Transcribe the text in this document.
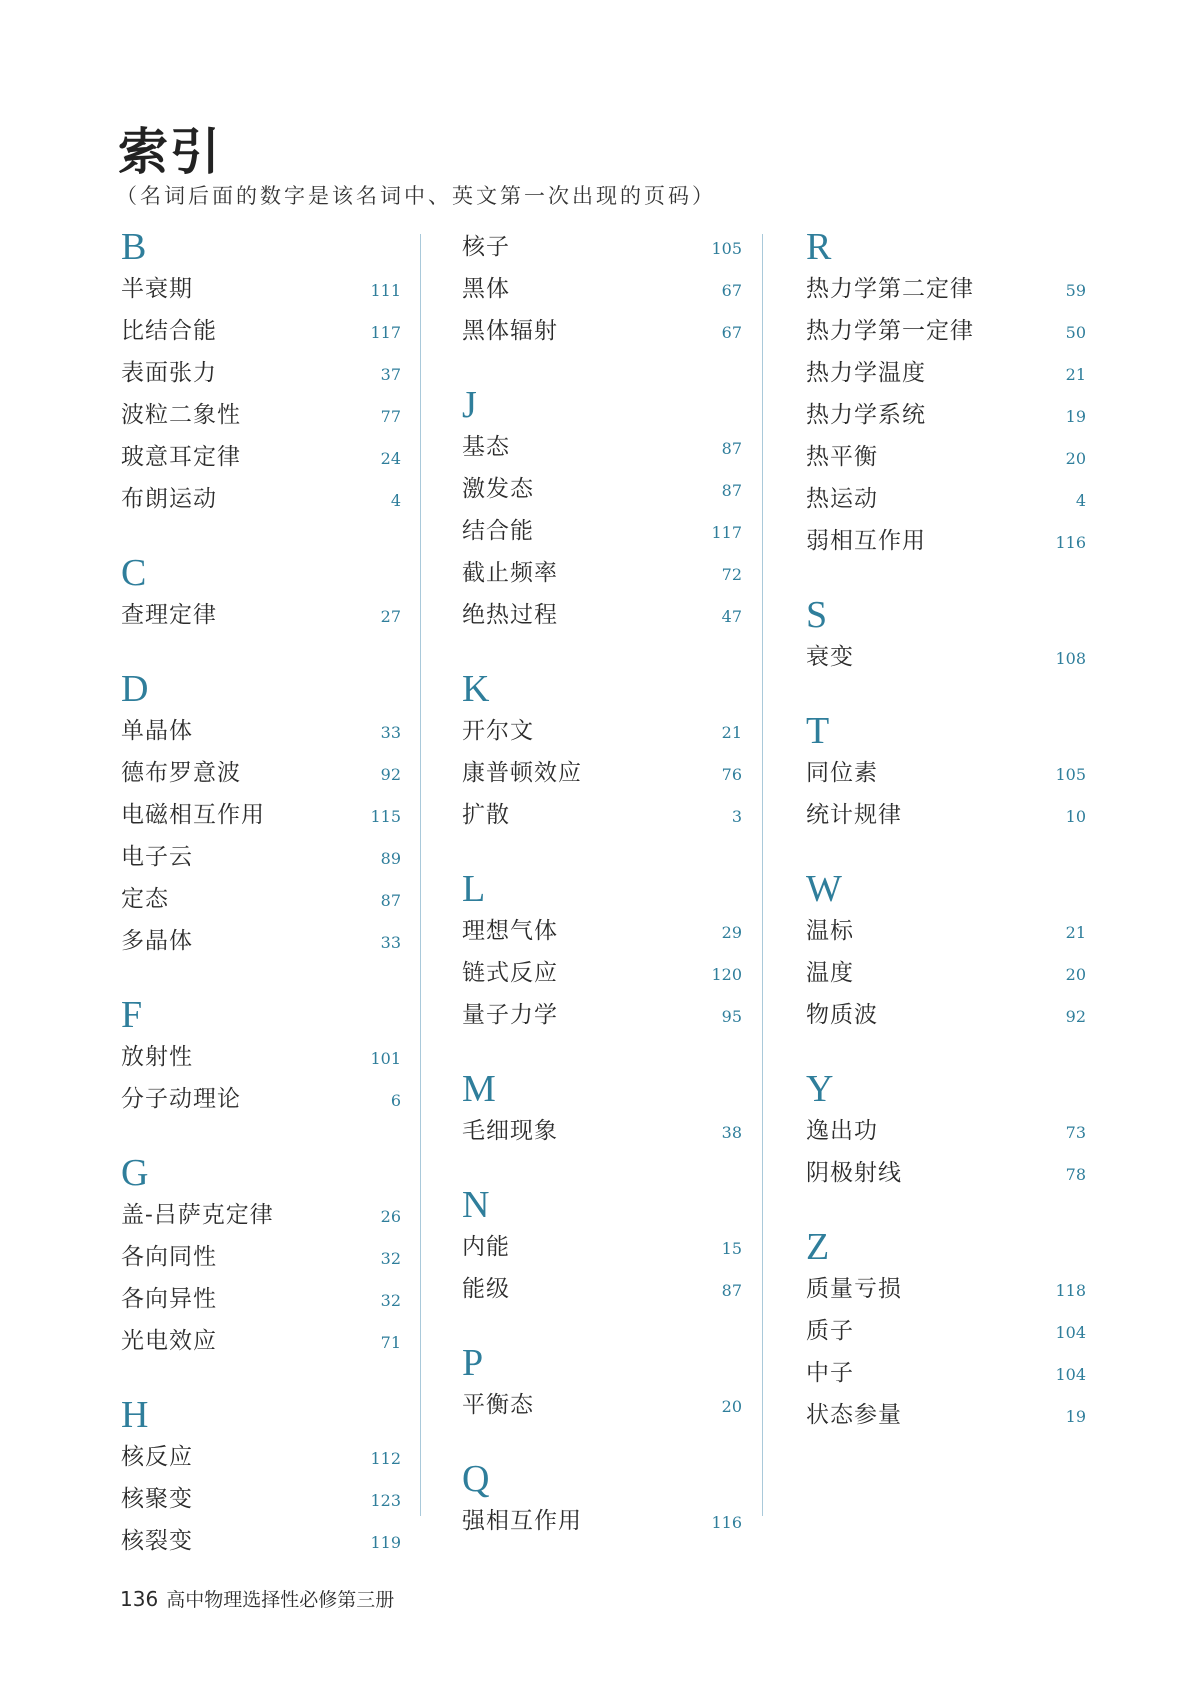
索引
（名词后面的数字是该名词中、英文第一次出现的页码）
B
半衰期	111
比结合能	117
表面张力	37
波粒二象性	77
玻意耳定律	24
布朗运动	4
C
查理定律	27
D
单晶体	33
德布罗意波	92
电磁相互作用	115
电子云	89
定态	87
多晶体	33
F
放射性	101
分子动理论	6
G
盖-吕萨克定律	26
各向同性	32
各向异性	32
光电效应	71
H
核反应	112
核聚变	123
核裂变	119
核子	105
黑体	67
黑体辐射	67
J
基态	87
激发态	87
结合能	117
截止频率	72
绝热过程	47
K
开尔文	21
康普顿效应	76
扩散	3
L
理想气体	29
链式反应	120
量子力学	95
M
毛细现象	38
N
内能	15
能级	87
P
平衡态	20
Q
强相互作用	116
R
热力学第二定律	59
热力学第一定律	50
热力学温度	21
热力学系统	19
热平衡	20
热运动	4
弱相互作用	116
S
衰变	108
T
同位素	105
统计规律	10
W
温标	21
温度	20
物质波	92
Y
逸出功	73
阴极射线	78
Z
质量亏损	118
质子	104
中子	104
状态参量	19
136 高中物理选择性必修第三册
